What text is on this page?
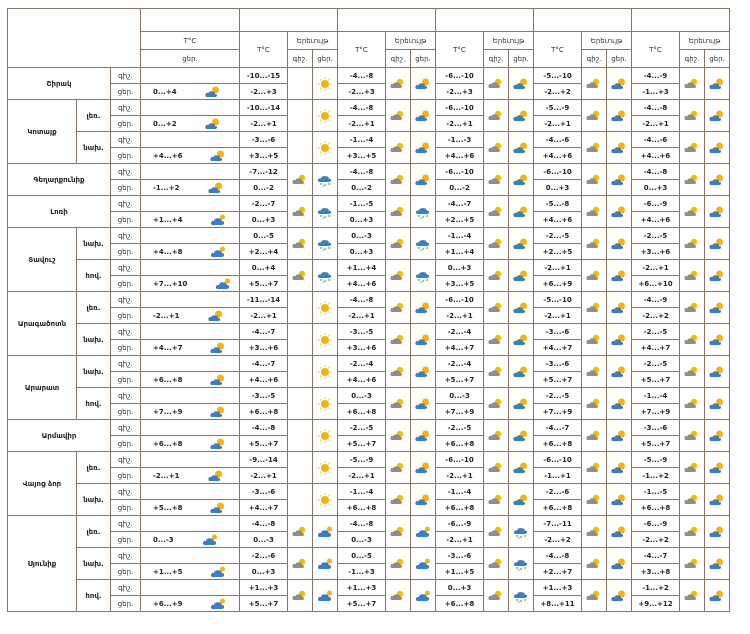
			T°C	T°C	Երեւույթ		T°C	Երեւույթ		T°C	Երեւույթ		T°C	Երեւույթ		T°C	Երեւույթ	
			ցեր.		գիշ.	ցեր.		գիշ.	ցեր.		գիշ.	ցեր.		գիշ.	ցեր.		գիշ.	ցեր.
Շիրակ		գիշ.		-10...-15			-4...-8			-6...-10			-5...-10			-4...-9		
		ցեր.	0...+4	-2...+3			-2...+3			-2...+3			-2...+2			-1...+3		
Կոտայք	լեռ.	գիշ.		-10...-14			-4...-8			-6...-10			-5...-9			-4...-8		
		ցեր.	0...+2	-2...+1			-2...+1			-2...+1			-2...+1			-2...+1		
	նախ.	գիշ.		-3...-6			-1...-4			-1...-3			-4...-6			-4...-6		
		ցեր.	+4...+6	+3...+5			+3...+5			+4...+6			+4...+6			+4...+6		
Գեղարքունիք		գիշ.		-7...-12			-4...-8			-6...-10			-6...-10			-4...-8		
		ցեր.	-1...+2	0...-2			0...-2			0...-2			0...+3			0...+3		
Լոռի		գիշ.		-2...-7			-1...-5			-4...-7			-5...-8			-6...-9		
		ցեր.	+1...+4	0...+3			0...+3			+2...+5			+4...+6			+4...+6		
Տավուշ	նախ.	գիշ.		0...-5			0...-3			-1...-4			-2...-5			-2...-5		
		ցեր.	+4...+8	+2...+4			0...+3			+1...+4			+2...+5			+3...+6		
	հով.	գիշ.		0...+4			+1...+4			0...+3			-2...+1			-2...+1		
		ցեր.	+7...+10	+5...+7			+4...+6			+3...+5			+6...+9			+6...+10		
Արագածոտն	լեռ.	գիշ.		-11...-14			-4...-8			-6...-10			-5...-10			-4...-9		
		ցեր.	-2...+1	-2...+1			-2...+1			-2...+1			-2...+1			-2...+2		
	նախ.	գիշ.		-4...-7			-3...-5			-2...-4			-3...-6			-2...-5		
		ցեր.	+4...+7	+3...+6			+3...+6			+4...+7			+4...+7			+4...+7		
Արարատ	նախ.	գիշ.		-4...-7			-2...-4			-2...-4			-3...-6			-2...-5		
		ցեր.	+6...+8	+4...+6			+4...+6			+5...+7			+5...+7			+5...+7		
	հով.	գիշ.		-3...-5			0...-3			0...-3			-2...-5			-1...-4		
		ցեր.	+7...+9	+6...+8			+6...+8			+7...+9			+7...+9			+7...+9		
Արմավիր		գիշ.		-4...-8			-2...-5			-2...-5			-4...-7			-3...-6		
		ցեր.	+6...+8	+5...+7			+5...+7			+6...+8			+6...+8			+5...+7		
Վայոց ձոր	լեռ.	գիշ.		-9...-14			-5...-9			-6...-10			-6...-10			-5...-9		
		ցեր.	-2...+1	-2...+1			-2...+1			-2...+1			-1...+1			-1...+2		
	նախ.	գիշ.		-3...-6			-1...-4			-1...-4			-2...-6			-1...-5		
		ցեր.	+5...+8	+4...+7			+6...+8			+6...+8			+6...+8			+6...+8		
Սյունիք	լեռ.	գիշ.		-4...-8			-4...-8			-6...-9			-7...-11			-6...-9		
		ցեր.	0...-3	0...-3			0...-3			-2...+1			-2...+2			-2...+2		
	նախ.	գիշ.		-2...-6			0...-5			-3...-6			-4...-8			-4...-7		
		ցեր.	+1...+5	0...+3			-1...+3			+1...+5			+2...+7			+3...+8		
	հով.	գիշ.		+1...+3			+1...+3			0...+3			+1...+3			-1...+2		
		ցեր.	+6...+9	+5...+7			+5...+7			+6...+8			+8...+11			+9...+12		
